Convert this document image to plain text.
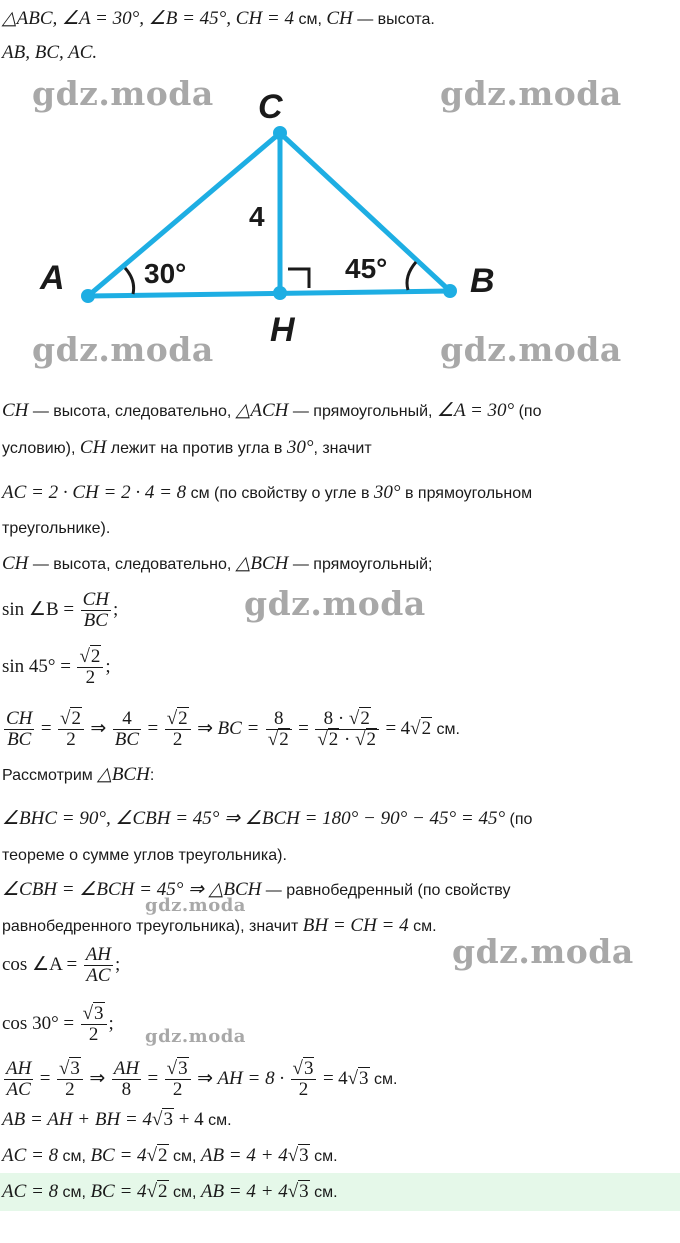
△ABC, ∠A = 30°, ∠B = 45°, CH = 4 см, CH — высота.
AB, BC, AC.
C
A	B
H
4
30°	45°
gdz.moda	gdz.moda
gdz.moda	gdz.moda
CH — высота, следовательно, △ACH — прямоугольный, ∠A = 30° (по
условию), CH лежит на против угла в 30°, значит
AC = 2 · CH = 2 · 4 = 8 см (по свойству о угле в 30° в прямоугольном
треугольнике).
CH — высота, следовательно, △BCH — прямоугольный;
sin ∠B = $\frac{CH}{BC}$ ;
$\sin 45^\circ = \frac{√2}{2}$ ;
$\frac{CH}{BC} = \frac{√2}{2}$ ⇒ $\frac{4}{BC} = \frac{√2}{2}$ ⇒ BC = $\frac{8}{√2} = \frac{8 \cdot √2}{√2 \cdot √2} = 4√2$ см.
Рассмотрим △BCH:
∠BHC = 90°, ∠CBH = 45° ⇒ ∠BCH = 180° − 90° − 45° = 45° (по
теореме о сумме углов треугольника).
∠CBH = ∠BCH = 45° ⇒ △BCH — равнобедренный (по свойству
равнобедренного треугольника), значит BH = CH = 4 см.
cos ∠A = $\frac{AH}{AC}$ ;
$\cos 30^\circ = \frac{√3}{2}$ ;
$\frac{AH}{AC} = \frac{√3}{2}$ ⇒ $\frac{AH}{8} = \frac{√3}{2}$ ⇒ AH = $8 \cdot \frac{√3}{2} = 4√3$ см.
AB = AH + BH = 4√3 + 4 см.
AC = 8 см, BC = 4√2 см, AB = 4 + 4√3 см.
AC = 8 см, BC = 4√2 см, AB = 4 + 4√3 см.
gdz.moda
gdz.moda
gdz.moda
gdz.moda
